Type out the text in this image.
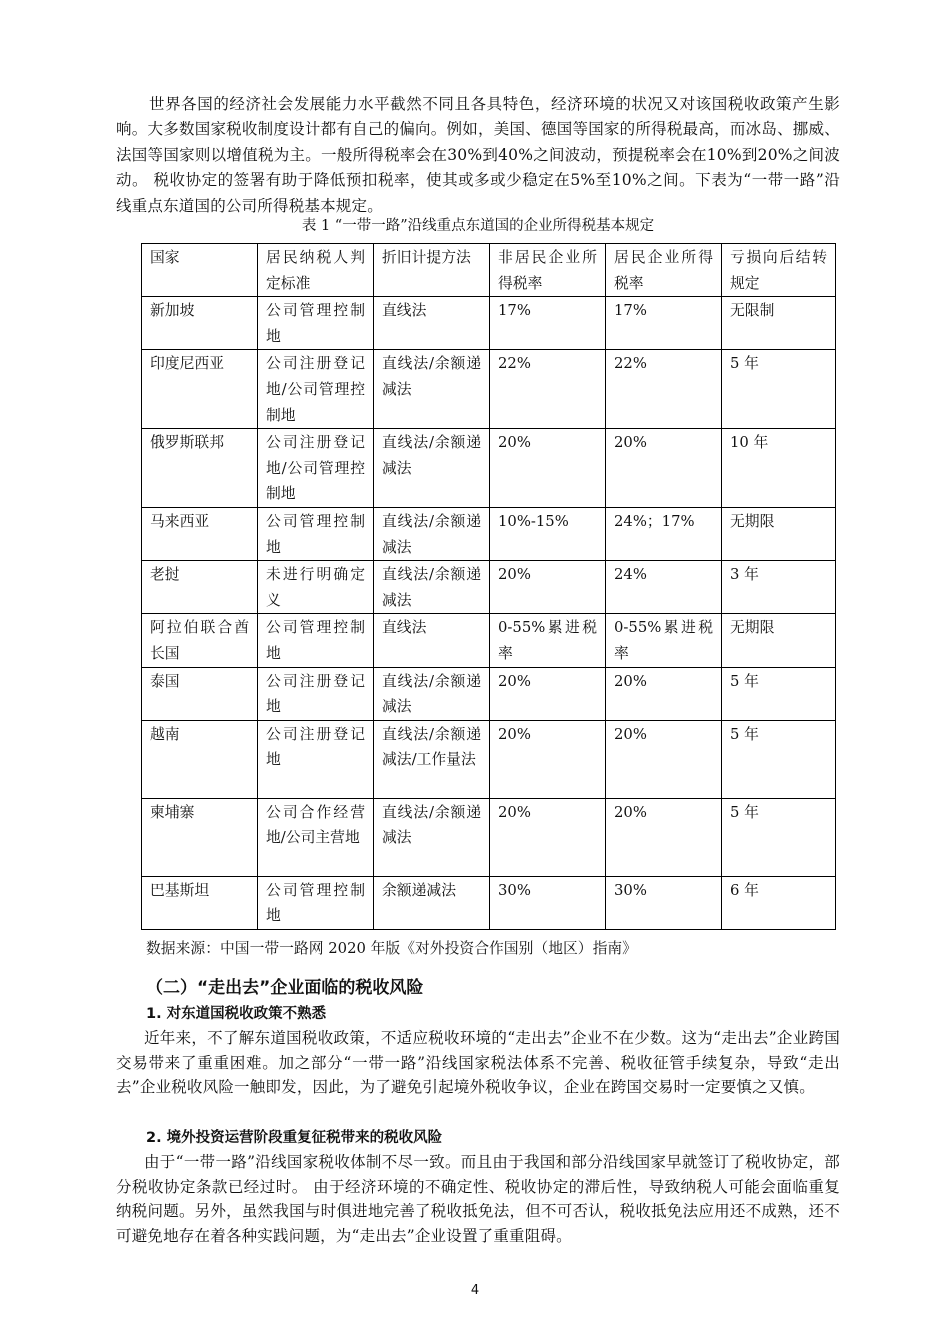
世界各国的经济社会发展能力水平截然不同且各具特色，经济环境的状况又对该国税收政策产生影响。大多数国家税收制度设计都有自己的偏向。例如，美国、德国等国家的所得税最高，而冰岛、挪威、法国等国家则以增值税为主。一般所得税率会在30%到40%之间波动，预提税率会在10%到20%之间波动。 税收协定的签署有助于降低预扣税率，使其或多或少稳定在5%至10%之间。下表为“一带一路”沿线重点东道国的公司所得税基本规定。

表 1 “一带一路”沿线重点东道国的企业所得税基本规定

国家	居民纳税人判定标准	折旧计提方法	非居民企业所得税率	居民企业所得税率	亏损向后结转规定
新加坡	公司管理控制地	直线法	17%	17%	无限制
印度尼西亚	公司注册登记地/公司管理控制地	直线法/余额递减法	22%	22%	5 年
俄罗斯联邦	公司注册登记地/公司管理控制地	直线法/余额递减法	20%	20%	10 年
马来西亚	公司管理控制地	直线法/余额递减法	10%-15%	24%；17%	无期限
老挝	未进行明确定义	直线法/余额递减法	20%	24%	3 年
阿拉伯联合酋长国	公司管理控制地	直线法	0-55%累进税率	0-55%累进税率	无期限
泰国	公司注册登记地	直线法/余额递减法	20%	20%	5 年
越南	公司注册登记地	直线法/余额递减法/工作量法	20%	20%	5 年
柬埔寨	公司合作经营地/公司主营地	直线法/余额递减法	20%	20%	5 年
巴基斯坦	公司管理控制地	余额递减法	30%	30%	6 年

数据来源：中国一带一路网 2020 年版《对外投资合作国别（地区）指南》

（二）“走出去”企业面临的税收风险
1. 对东道国税收政策不熟悉

近年来，不了解东道国税收政策，不适应税收环境的“走出去”企业不在少数。这为“走出去”企业跨国交易带来了重重困难。加之部分“一带一路”沿线国家税法体系不完善、税收征管手续复杂，导致“走出去”企业税收风险一触即发，因此，为了避免引起境外税收争议，企业在跨国交易时一定要慎之又慎。

2. 境外投资运营阶段重复征税带来的税收风险

由于“一带一路”沿线国家税收体制不尽一致。而且由于我国和部分沿线国家早就签订了税收协定，部分税收协定条款已经过时。 由于经济环境的不确定性、税收协定的滞后性，导致纳税人可能会面临重复纳税问题。另外，虽然我国与时俱进地完善了税收抵免法，但不可否认，税收抵免法应用还不成熟，还不可避免地存在着各种实践问题，为“走出去”企业设置了重重阻碍。

4
